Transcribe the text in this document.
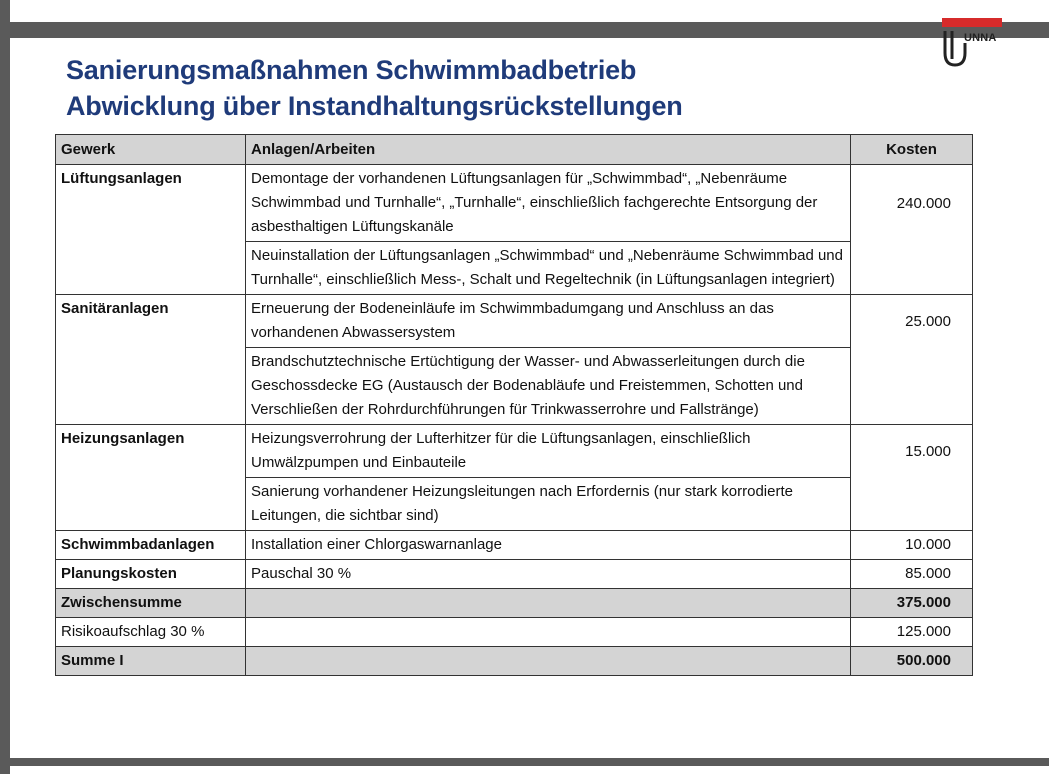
Sanierungsmaßnahmen Schwimmbadbetrieb
Abwicklung über Instandhaltungsrückstellungen
UNNA
Gewerk	Anlagen/Arbeiten	Kosten
Lüftungsanlagen	Demontage der vorhandenen Lüftungsanlagen für „Schwimmbad“, „Nebenräume Schwimmbad und Turnhalle“, „Turnhalle“, einschließlich fachgerechte Entsorgung der asbesthaltigen Lüftungskanäle	240.000
	Neuinstallation der Lüftungsanlagen „Schwimmbad“ und „Nebenräume Schwimmbad und Turnhalle“, einschließlich Mess-, Schalt und Regeltechnik (in Lüftungsanlagen integriert)	
Sanitäranlagen	Erneuerung der Bodeneinläufe im Schwimmbadumgang und Anschluss an das vorhandenen Abwassersystem	25.000
	Brandschutztechnische Ertüchtigung der Wasser- und Abwasserleitungen durch die Geschossdecke EG (Austausch der Bodenabläufe und Freistemmen, Schotten und Verschließen der Rohrdurchführungen für Trinkwasserrohre und Fallstränge)	
Heizungsanlagen	Heizungsverrohrung der Lufterhitzer für die Lüftungsanlagen, einschließlich Umwälzpumpen und Einbauteile	15.000
	Sanierung vorhandener Heizungsleitungen nach Erfordernis (nur stark korrodierte Leitungen, die sichtbar sind)	
Schwimmbadanlagen	Installation einer Chlorgaswarnanlage	10.000
Planungskosten	Pauschal 30 %	85.000
Zwischensumme		375.000
Risikoaufschlag 30 %		125.000
Summe I		500.000
